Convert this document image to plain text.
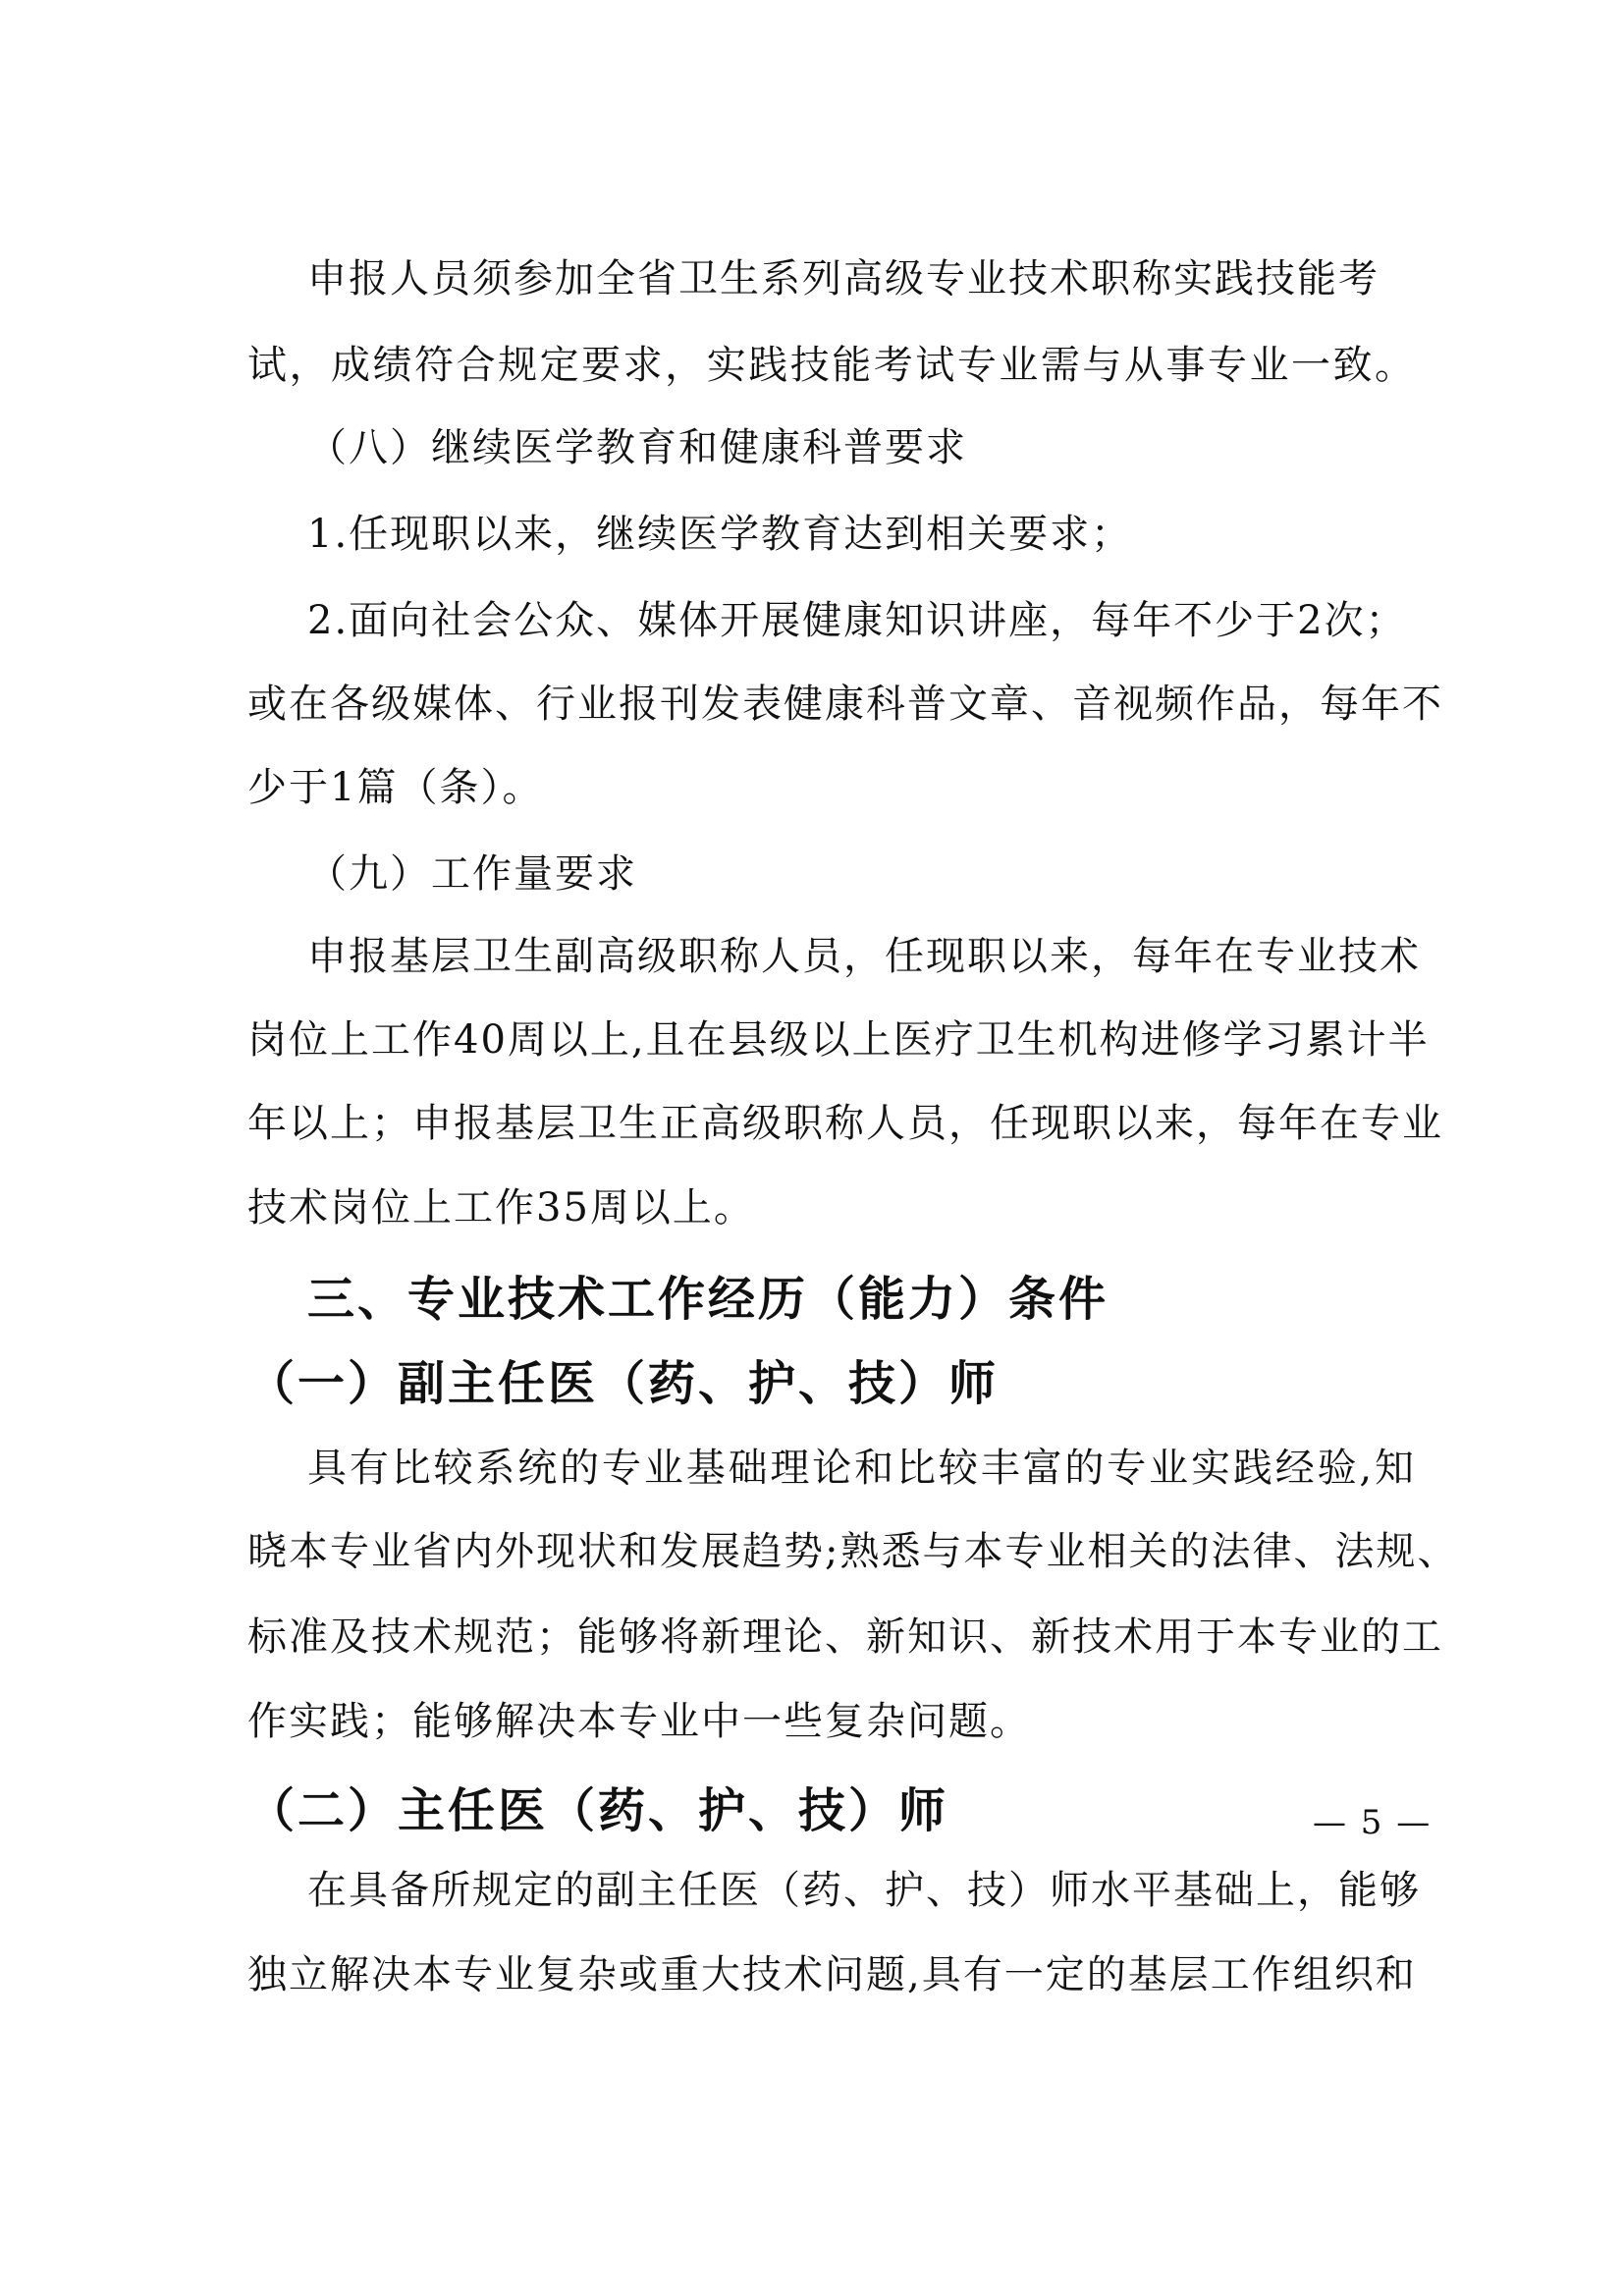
申报人员须参加全省卫生系列高级专业技术职称实践技能考

试，成绩符合规定要求，实践技能考试专业需与从事专业一致。

（八）继续医学教育和健康科普要求

1.任现职以来，继续医学教育达到相关要求；

2.面向社会公众、媒体开展健康知识讲座，每年不少于2次；

或在各级媒体、行业报刊发表健康科普文章、音视频作品，每年不

少于1篇（条）。

（九）工作量要求

申报基层卫生副高级职称人员，任现职以来，每年在专业技术

岗位上工作40周以上,且在县级以上医疗卫生机构进修学习累计半

年以上；申报基层卫生正高级职称人员，任现职以来，每年在专业

技术岗位上工作35周以上。

三、专业技术工作经历（能力）条件
（一）副主任医（药、护、技）师

具有比较系统的专业基础理论和比较丰富的专业实践经验,知

晓本专业省内外现状和发展趋势;熟悉与本专业相关的法律、法规、

标准及技术规范；能够将新理论、新知识、新技术用于本专业的工

作实践；能够解决本专业中一些复杂问题。

（二）主任医（药、护、技）师

在具备所规定的副主任医（药、护、技）师水平基础上，能够

独立解决本专业复杂或重大技术问题,具有一定的基层工作组织和

— 5 —
